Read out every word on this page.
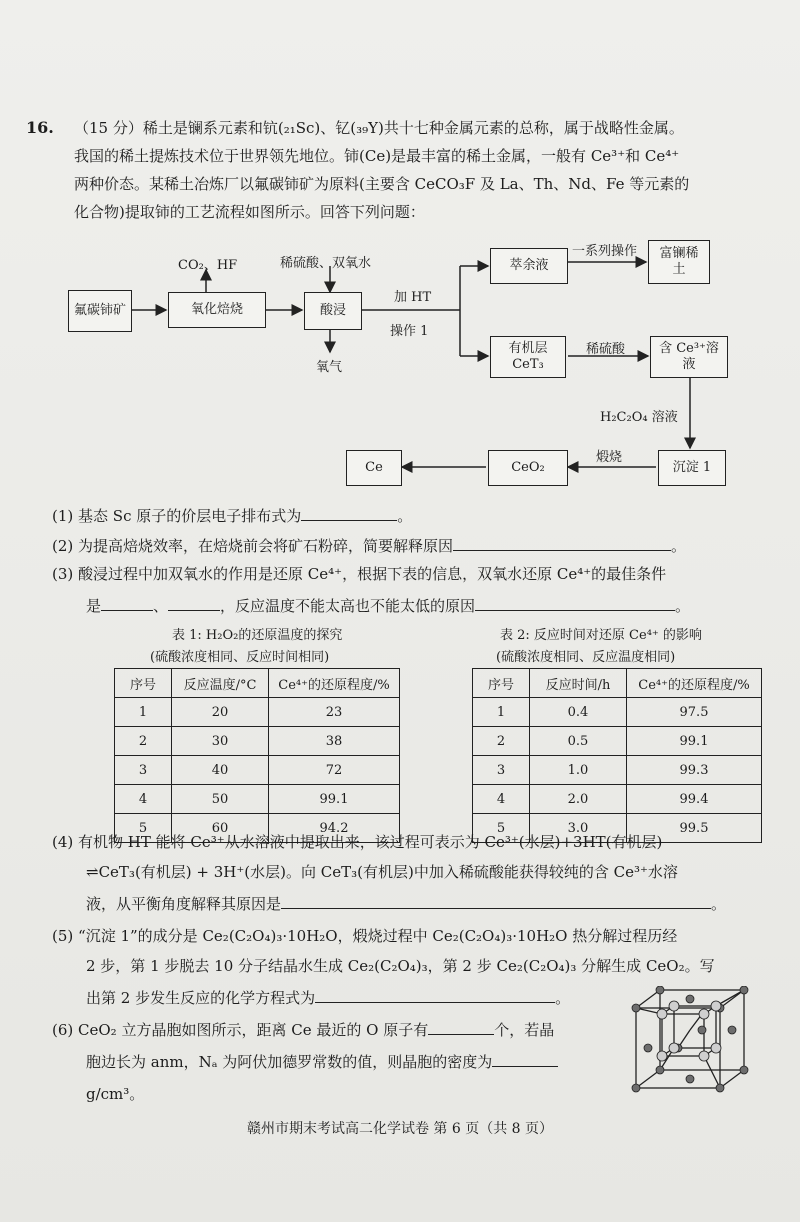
16. （15 分）稀土是镧系元素和钪(₂₁Sc)、钇(₃₉Y)共十七种金属元素的总称，属于战略性金属。
我国的稀土提炼技术位于世界领先地位。铈(Ce)是最丰富的稀土金属，一般有 Ce³⁺和 Ce⁴⁺
两种价态。某稀土冶炼厂以氟碳铈矿为原料(主要含 CeCO₃F 及 La、Th、Nd、Fe 等元素的
化合物)提取铈的工艺流程如图所示。回答下列问题：
氟碳铈矿	氧化焙烧	酸浸
萃余液
富镧稀土
有机层 CeT₃
含 Ce³⁺溶液
沉淀 1
CeO₂
Ce
CO₂、HF	稀硫酸、双氧水
氧气
加 HT
操作 1
一系列操作
稀硫酸
H₂C₂O₄ 溶液
煅烧
(1) 基态 Sc 原子的价层电子排布式为	。
(2) 为提高焙烧效率，在焙烧前会将矿石粉碎，简要解释原因	。
(3) 酸浸过程中加双氧水的作用是还原 Ce⁴⁺，根据下表的信息，双氧水还原 Ce⁴⁺的最佳条件
是	、	，反应温度不能太高也不能太低的原因	。
表 1: H₂O₂的还原温度的探究
(硫酸浓度相同、反应时间相同)
序号	反应温度/°C	Ce⁴⁺的还原程度/%
1	20	23
2	30	38
3	40	72
4	50	99.1
5	60	94.2
表 2: 反应时间对还原 Ce⁴⁺ 的影响
(硫酸浓度相同、反应温度相同)
序号	反应时间/h	Ce⁴⁺的还原程度/%
1	0.4	97.5
2	0.5	99.1
3	1.0	99.3
4	2.0	99.4
5	3.0	99.5
(4) 有机物 HT 能将 Ce³⁺从水溶液中提取出来，该过程可表示为 Ce³⁺(水层)+3HT(有机层)
⇌CeT₃(有机层) + 3H⁺(水层)。向 CeT₃(有机层)中加入稀硫酸能获得较纯的含 Ce³⁺水溶
液，从平衡角度解释其原因是	。
(5) “沉淀 1”的成分是 Ce₂(C₂O₄)₃·10H₂O，煅烧过程中 Ce₂(C₂O₄)₃·10H₂O 热分解过程历经
2 步，第 1 步脱去 10 分子结晶水生成 Ce₂(C₂O₄)₃，第 2 步 Ce₂(C₂O₄)₃ 分解生成 CeO₂。写
出第 2 步发生反应的化学方程式为	。
(6) CeO₂ 立方晶胞如图所示，距离 Ce 最近的 O 原子有	个，若晶
胞边长为 anm，Nₐ 为阿伏加德罗常数的值，则晶胞的密度为
g/cm³。
赣州市期末考试高二化学试卷 第 6 页（共 8 页）
